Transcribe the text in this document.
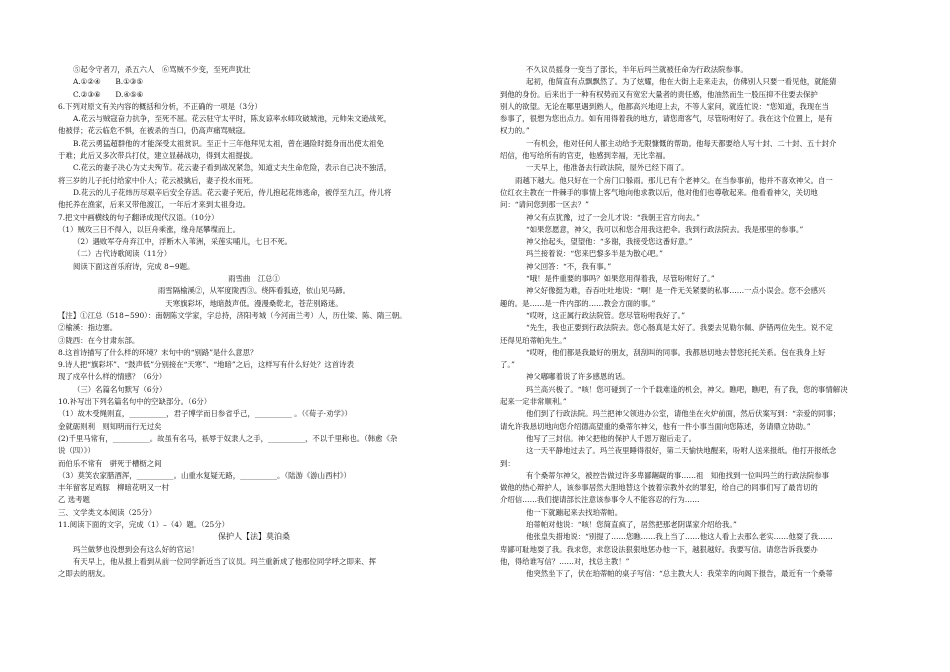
⑤起令守者刀，杀五六人　⑥骂贼不少变，至死声犹壮
A.①②④　　B.①③⑤
C.②③⑥　　D.④⑤⑥
6.下列对原文有关内容的概括和分析，不正确的一项是（3分）
A.花云与贼寇奋力抗争，至死不屈。花云驻守太平时，陈友谅率水师攻破城池，元帅朱文逊战死，
他被俘；花云临危不惧，在被杀的当口，仍高声痛骂贼寇。
B.花云勇猛超群他的才能深受太祖赏识。至正十三年他拜见太祖，曾在遇险时挺身而出使太祖免
于难；此后又多次带兵打仗，建立显赫战功，得到太祖提拔。
C.花云的妻子决心为丈夫殉节。花云妻子看到战况紧急，知道丈夫生命危险，表示自己决不独活，
将三岁的儿子托付给家中仆人；花云被擒后，妻子投水而死。
D.花云的儿子花炜历尽艰辛后安全存活。花云妻子死后，侍儿抱起花炜逃命，被俘至九江，侍儿将
他托养在渔家，后来又带他渡江，一年后才来到太祖身边。
7.把文中画横线的句子翻译成现代汉语。（10分）
（1）贼攻三日不得入，以巨舟乘涨，缘舟尾攀堞而上。
（2）遇败军夺舟弃江中，浮断木入苇洲，采莲实哺儿，七日不死。
（二）古代诗歌阅读（11分）
阅读下面这首乐府诗，完成 8~9题。
雨雪曲　江总①
雨雪隔榆溪②，从军度陇西③。绕阵看狐迹，依山见马蹄。
天寒旗彩坏，地暗鼓声低。漫漫桑乾北，苍茫别路迷。
【注】①江总（518~590）：南朝陈文学家，字总持，济阳考城（今河南兰考）人，历仕梁、陈、隋三朝。
②榆溪：指边塞。
③陇西：在今甘肃东部。
8.这首诗描写了什么样的环境？末句中的“别路”是什么意思？
9.诗人把“旗彩坏”、“鼓声低”分别接在“天寒”、“地暗”之后，这样写有什么好处？这首诗表
现了戍卒什么样的情感？（6分）
（三）名篇名句默写（6分）
10.补写出下列名篇名句中的空缺部分。（6分）
（1）故木受绳则直，__________，君子博学而日参省乎己，__________ 。（《荀子·劝学》）
金就砺则利　则知明而行无过矣
(2)千里马常有，__________。故虽有名马，祇辱于奴隶人之手，__________，不以千里称也。（韩愈《杂
说（四）》）
而伯乐不常有　骈死于槽枥之间
（3）莫笑农家腊酒浑，__________。山重水复疑无路，__________。（陆游《游山西村》）
丰年留客足鸡豚　柳暗花明又一村
乙 选考题
三、文学类文本阅读（25分）
11.阅读下面的文字，完成（1）–（4）题。（25分）
保护人【法】莫泊桑
玛兰做梦也没想到会有这么好的官运！
有天早上，他从报上看到从前一位同学新近当了议员。玛兰重新成了他那位同学呼之即来、挥
之即去的朋友。
不久议员摇身一变当了部长，半年后玛兰就被任命为行政法院参事。
起初，他简直有点飘飘然了。为了炫耀，他在大街上走来走去，仿佛别人只要一看见他，就能猜
到他的身份。后来出于一种有权势而又有宽宏大量者的责任感，他油然而生一股压抑不住要去保护
别人的欲望。无论在哪里遇到熟人，他都高兴地迎上去，不等人家问，就连忙说：“您知道，我现在当
参事了，很想为您出点力。如有用得着我的地方，请您甭客气，尽管吩咐好了。我在这个位置上，是有
权力的。”
一有机会，他对任何人都主动给予无限慷慨的帮助。他每天都要给人写十封、二十封、五十封介
绍信，他写给所有的官吏，他感到幸福，无比幸福。
一天早上，他准备去行政法院，屋外已经下雨了。
雨越下越大。他只好在一个房门口躲雨。那儿已有个老神父。在当参事前，他并不喜欢神父。自一
位红衣主教在一件棘手的事情上客气地向他求教以后，他对他们也尊敬起来。他看看神父，关切地
问：“请问您到那一区去？”
神父有点犹豫，过了一会儿才说：“我朝王宫方向去。”
“如果您愿意，神父，我可以和您合用我这把伞。我到行政法院去。我是那里的参事。”
神父抬起头，望望他：“多谢，我接受您这番好意。”
玛兰接着说：“您来巴黎多半是为散心吧。”
神父回答：“不，我有事。”
“哦！是件重要的事吗？如果您用得着我，尽管吩咐好了。”
神父好像挺为难，吞吞吐吐地说：“啊！是一件无关紧要的私事……一点小误会。您不会感兴
趣的。是……是一件内部的……教会方面的事。”
“哎呀，这正属行政法院管。您尽管吩咐我好了。”
“先生，我也正要到行政法院去。您心肠真是太好了。我要去见勒尔佩、萨错两位先生。说不定
还得见珀蒂帕先生。”
“哎呀，他们都是我最好的朋友，刮刮叫的同事。我都恳切地去替您托托关系。包在我身上好
了。”
神父嘟嘟着说了许多感恩的话。
玛兰高兴极了。“咳！您可碰到了一个千载难逢的机会，神父。瞧吧，瞧吧，有了我，您的事情解决
起来一定非常顺利。”
他们到了行政法院。玛兰把神父领进办公室，请他坐在火炉前面，然后伏案写到：“亲爱的同事；
请允许我恳切地向您介绍德高望重的桑蒂尔神父，他有一件小事当面向您陈述，务请鼎立协助。”
他写了三封信。神父把他的保护人千恩万谢后走了。
这一天平静地过去了。玛兰夜里睡得很好，第二天愉快地醒来，吩咐人送来报纸。他打开报纸念
到：
有个桑蒂尔神父，被控告做过许多卑鄙龌龊的事……祖　知他找到一位叫玛兰的行政法院参事
做他的热心辩护人，该参事居然大胆地替这个披着宗教外衣的罪犯，给自己的同事们写了最肯切的
介绍信……我们提请部长注意该参事令人不能容忍的行为……
他一下就蹦起来去找珀蒂帕。
珀蒂帕对他说：“咳！您简直疯了，居然把那老阴谋家介绍给我。”
他张皇失措地说：“别提了……您瞧……我上当了……他这人看上去那么老实……他耍了我……
卑鄙可耻地耍了我。我求您，求您设法狠狠地惩办他一下，越狠越好。我要写信。请您告诉我要办
他，得给谁写信？……对，找总主教！”
他突然坐下了，伏在珀蒂帕的桌子写信：“总主教大人：我荣幸的向阁下报告，最近有一个桑蒂
